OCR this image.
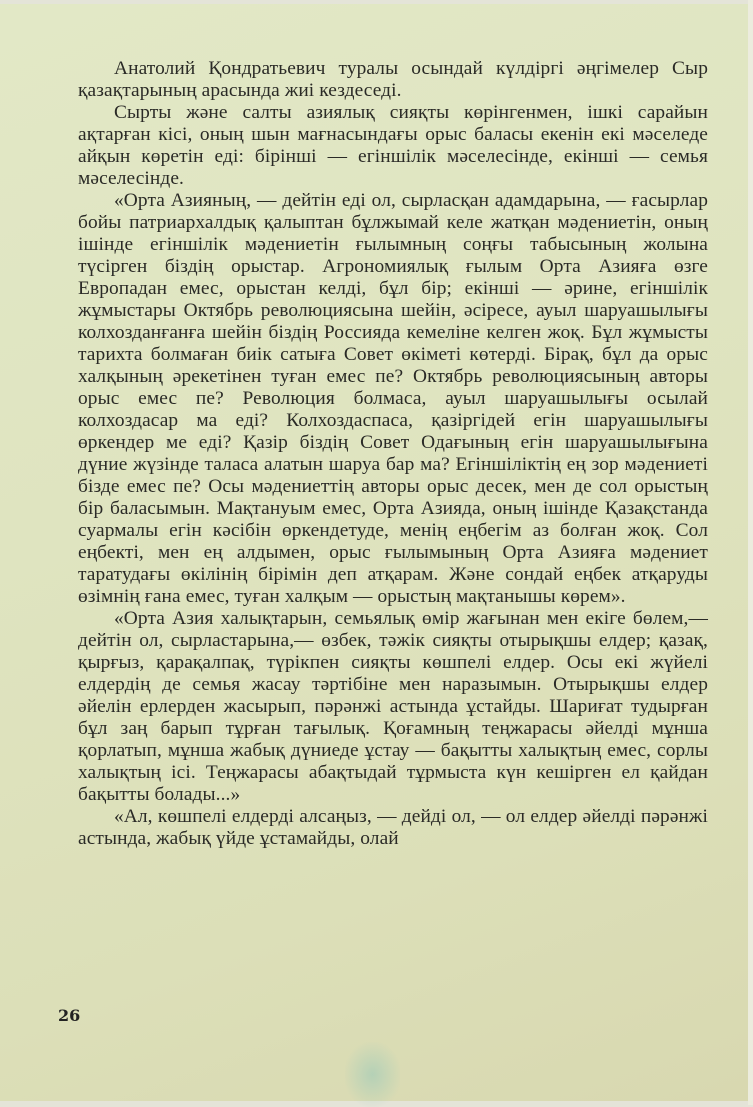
Анатолий Қондратьевич туралы осындай күлдіргі әңгімелер Сыр қазақтарының арасында жиі кездеседі.

Сырты және салты азиялық сияқты көрінгенмен, ішкі сарайын ақтарған кісі, оның шын мағнасындағы орыс баласы екенін екі мәселеде айқын көретін еді: бірінші — егіншілік мәселесінде, екінші — семья мәселесінде.

«Орта Азияның, — дейтін еді ол, сырласқан адамдарына, — ғасырлар бойы патриархалдық қалыптан бұлжымай келе жатқан мәдениетін, оның ішінде егіншілік мәдениетін ғылымның соңғы табысының жолына түсірген біздің орыстар. Агрономиялық ғылым Орта Азияға өзге Европадан емес, орыстан келді, бұл бір; екінші — әрине, егіншілік жұмыстары Октябрь революциясына шейін, әсіресе, ауыл шаруашылығы колхозданғанға шейін біздің Россияда кемеліне келген жоқ. Бұл жұмысты тарихта болмаған биік сатыға Совет өкіметі көтерді. Бірақ, бұл да орыс халқының әрекетінен туған емес пе? Октябрь революциясының авторы орыс емес пе? Революция болмаса, ауыл шаруашылығы осылай колхоздасар ма еді? Колхоздаспаса, қазіргідей егін шаруашылығы өркендер ме еді? Қазір біздің Совет Одағының егін шаруашылығына дүние жүзінде таласа алатын шаруа бар ма? Егіншіліктің ең зор мәдениеті бізде емес пе? Осы мәдениеттің авторы орыс десек, мен де сол орыстың бір баласымын. Мақтануым емес, Орта Азияда, оның ішінде Қазақстанда суармалы егін кәсібін өркендетуде, менің еңбегім аз болған жоқ. Сол еңбекті, мен ең алдымен, орыс ғылымының Орта Азияға мәдениет таратудағы өкілінің бірімін деп атқарам. Және сондай еңбек атқаруды өзімнің ғана емес, туған халқым — орыстың мақтанышы көрем».

«Орта Азия халықтарын, семьялық өмір жағынан мен екіге бөлем,— дейтін ол, сырластарына,— өзбек, тәжік сияқты отырықшы елдер; қазақ, қырғыз, қарақалпақ, түрікпен сияқты көшпелі елдер. Осы екі жүйелі елдердің де семья жасау тәртібіне мен наразымын. Отырықшы елдер әйелін ерлерден жасырып, пәрәнжі астында ұстайды. Шариғат тудырған бұл заң барып тұрған тағылық. Қоғамның теңжарасы әйелді мұнша қорлатып, мұнша жабық дүниеде ұстау — бақытты халықтың емес, сорлы халықтың ісі. Теңжарасы абақтыдай тұрмыста күн кешірген ел қайдан бақытты болады...»

«Ал, көшпелі елдерді алсаңыз, — дейді ол, — ол елдер әйелді пәрәнжі астында, жабық үйде ұстамайды, олай

26
